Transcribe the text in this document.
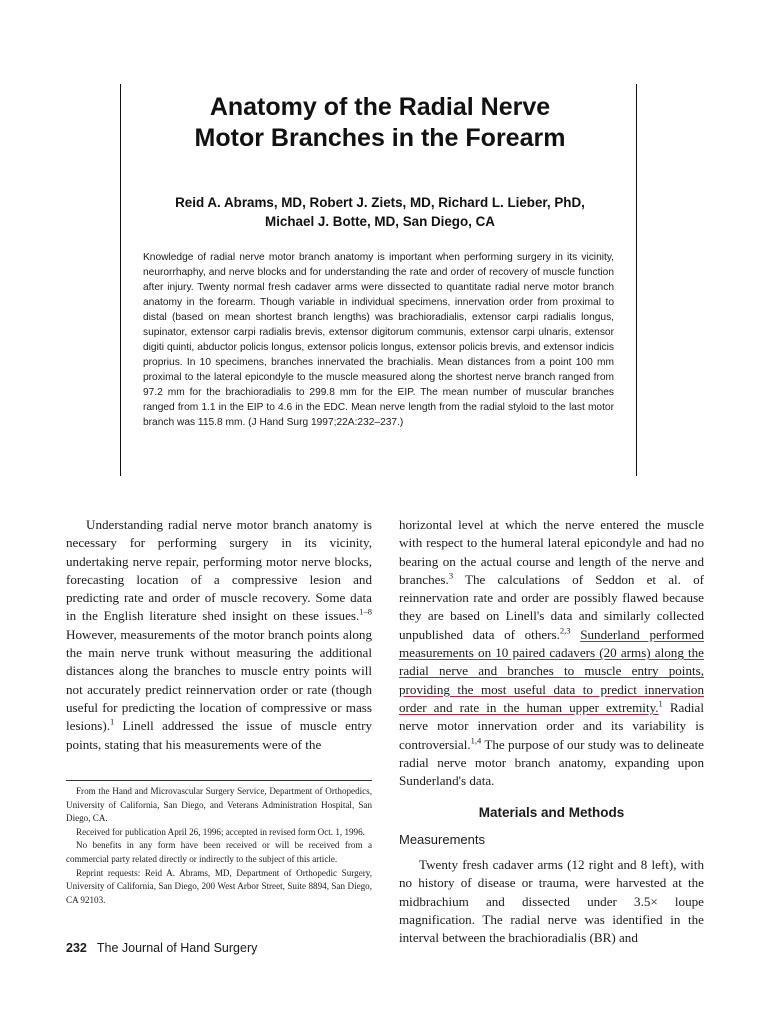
Anatomy of the Radial Nerve
Motor Branches in the Forearm
Reid A. Abrams, MD, Robert J. Ziets, MD, Richard L. Lieber, PhD,
Michael J. Botte, MD, San Diego, CA
Knowledge of radial nerve motor branch anatomy is important when performing surgery in its vicinity, neurorrhaphy, and nerve blocks and for understanding the rate and order of recovery of muscle function after injury. Twenty normal fresh cadaver arms were dissected to quantitate radial nerve motor branch anatomy in the forearm. Though variable in individual specimens, innervation order from proximal to distal (based on mean shortest branch lengths) was brachioradialis, extensor carpi radialis longus, supinator, extensor carpi radialis brevis, extensor digitorum communis, extensor carpi ulnaris, extensor digiti quinti, abductor policis longus, extensor policis longus, extensor policis brevis, and extensor indicis proprius. In 10 specimens, branches innervated the brachialis. Mean distances from a point 100 mm proximal to the lateral epicondyle to the muscle measured along the shortest nerve branch ranged from 97.2 mm for the brachioradialis to 299.8 mm for the EIP. The mean number of muscular branches ranged from 1.1 in the EIP to 4.6 in the EDC. Mean nerve length from the radial styloid to the last motor branch was 115.8 mm. (J Hand Surg 1997;22A:232–237.)

Understanding radial nerve motor branch anatomy is necessary for performing surgery in its vicinity, undertaking nerve repair, performing motor nerve blocks, forecasting location of a compressive lesion and predicting rate and order of muscle recovery. Some data in the English literature shed insight on these issues.$^{1-8}$ However, measurements of the motor branch points along the main nerve trunk without measuring the additional distances along the branches to muscle entry points will not accurately predict reinnervation order or rate (though useful for predicting the location of compressive or mass lesions).$^1$ Linell addressed the issue of muscle entry points, stating that his measurements were of the

horizontal level at which the nerve entered the muscle with respect to the humeral lateral epicondyle and had no bearing on the actual course and length of the nerve and branches.$^3$ The calculations of Seddon et al. of reinnervation rate and order are possibly flawed because they are based on Linell's data and similarly collected unpublished data of others.$^{2,3}$ Sunderland performed measurements on 10 paired cadavers (20 arms) along the radial nerve and branches to muscle entry points, providing the most useful data to predict innervation order and rate in the human upper extremity.$^1$ Radial nerve motor innervation order and its variability is controversial.$^{1,4}$ The purpose of our study was to delineate radial nerve motor branch anatomy, expanding upon Sunderland's data.

Materials and Methods
Measurements

Twenty fresh cadaver arms (12 right and 8 left), with no history of disease or trauma, were harvested at the midbrachium and dissected under 3.5× loupe magnification. The radial nerve was identified in the interval between the brachioradialis (BR) and

From the Hand and Microvascular Surgery Service, Department of Orthopedics, University of California, San Diego, and Veterans Administration Hospital, San Diego, CA.

Received for publication April 26, 1996; accepted in revised form Oct. 1, 1996.

No benefits in any form have been received or will be received from a commercial party related directly or indirectly to the subject of this article.

Reprint requests: Reid A. Abrams, MD, Department of Orthopedic Surgery, University of California, San Diego, 200 West Arbor Street, Suite 8894, San Diego, CA 92103.

232 The Journal of Hand Surgery
